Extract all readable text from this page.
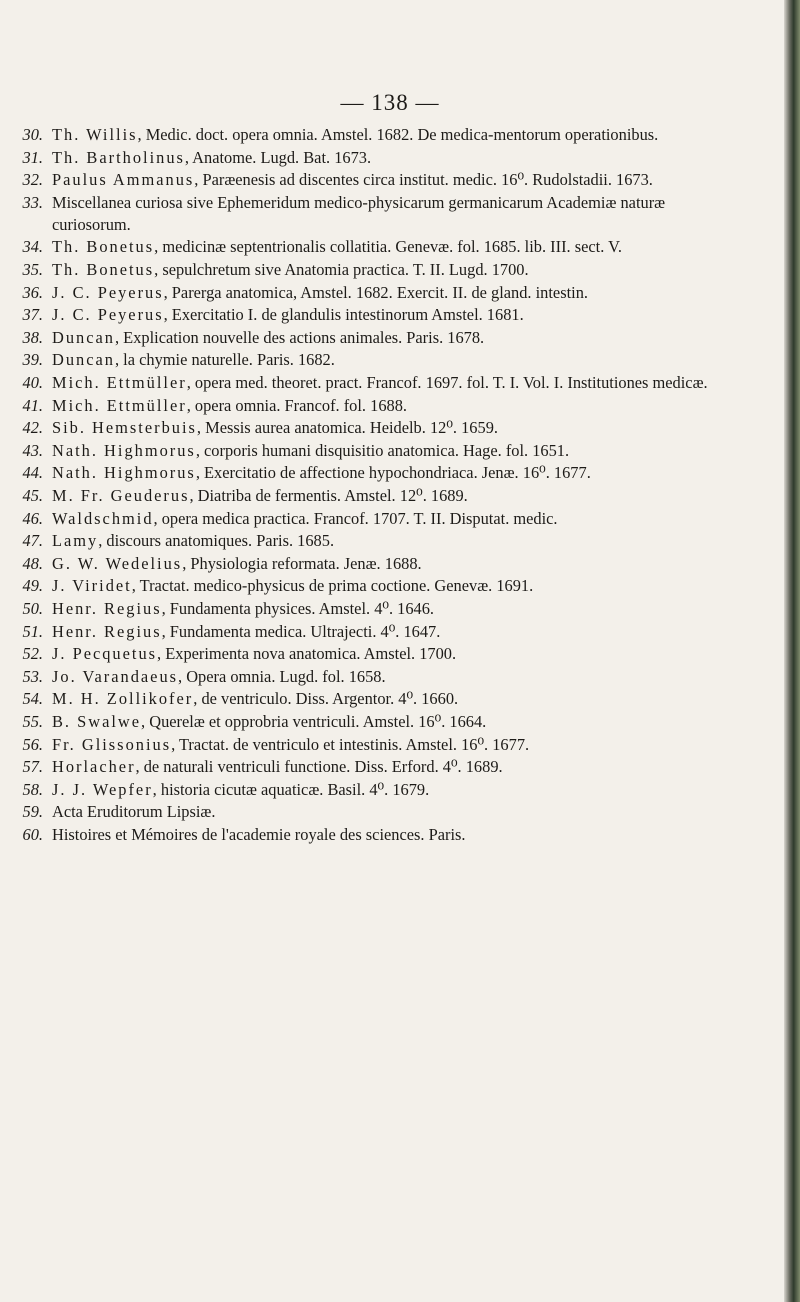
— 138 —
30. Th. Willis, Medic. doct. opera omnia. Amstel. 1682. De medica-mentorum operationibus.
31. Th. Bartholinus, Anatome. Lugd. Bat. 1673.
32. Paulus Ammanus, Paræenesis ad discentes circa institut. medic. 16⁰. Rudolstadii. 1673.
33. Miscellanea curiosa sive Ephemeridum medico-physicarum germanicarum Academiæ naturæ curiosorum.
34. Th. Bonetus, medicinæ septentrionalis collatitia. Genevæ. fol. 1685. lib. III. sect. V.
35. Th. Bonetus, sepulchretum sive Anatomia practica. T. II. Lugd. 1700.
36. J. C. Peyerus, Parerga anatomica, Amstel. 1682. Exercit. II. de gland. intestin.
37. J. C. Peyerus, Exercitatio I. de glandulis intestinorum Amstel. 1681.
38. Duncan, Explication nouvelle des actions animales. Paris. 1678.
39. Duncan, la chymie naturelle. Paris. 1682.
40. Mich. Ettmüller, opera med. theoret. pract. Francof. 1697. fol. T. I. Vol. I. Institutiones medicæ.
41. Mich. Ettmüller, opera omnia. Francof. fol. 1688.
42. Sib. Hemsterbuis, Messis aurea anatomica. Heidelb. 12⁰. 1659.
43. Nath. Highmorus, corporis humani disquisitio anatomica. Hage. fol. 1651.
44. Nath. Highmorus, Exercitatio de affectione hypochondriaca. Jenæ. 16⁰. 1677.
45. M. Fr. Geuderus, Diatriba de fermentis. Amstel. 12⁰. 1689.
46. Waldschmid, opera medica practica. Francof. 1707. T. II. Disputat. medic.
47. Lamy, discours anatomiques. Paris. 1685.
48. G. W. Wedelius, Physiologia reformata. Jenæ. 1688.
49. J. Viridet, Tractat. medico-physicus de prima coctione. Genevæ. 1691.
50. Henr. Regius, Fundamenta physices. Amstel. 4⁰. 1646.
51. Henr. Regius, Fundamenta medica. Ultrajecti. 4⁰. 1647.
52. J. Pecquetus, Experimenta nova anatomica. Amstel. 1700.
53. Jo. Varandaeus, Opera omnia. Lugd. fol. 1658.
54. M. H. Zollikofer, de ventriculo. Diss. Argentor. 4⁰. 1660.
55. B. Swalwe, Querelæ et opprobria ventriculi. Amstel. 16⁰. 1664.
56. Fr. Glissonius, Tractat. de ventriculo et intestinis. Amstel. 16⁰. 1677.
57. Horlacher, de naturali ventriculi functione. Diss. Erford. 4⁰. 1689.
58. J. J. Wepfer, historia cicutæ aquaticæ. Basil. 4⁰. 1679.
59. Acta Eruditorum Lipsiæ.
60. Histoires et Mémoires de l'academie royale des sciences. Paris.
